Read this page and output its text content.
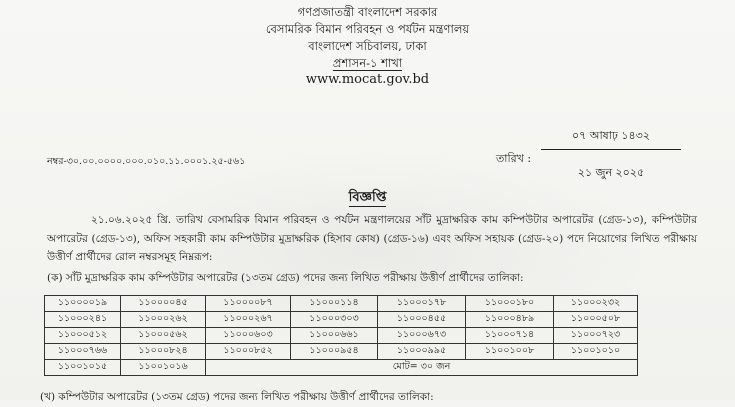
গণপ্রজাতন্ত্রী বাংলাদেশ সরকার
বেসামরিক বিমান পরিবহন ও পর্যটন মন্ত্রণালয়
বাংলাদেশ সচিবালয়, ঢাকা
প্রশাসন-১ শাখা
www.mocat.gov.bd
নম্বর-৩০.০০.০০০০.০০০.০১০.১১.০০০১.২৫-৫৬১	তারিখ :
০৭ আষাঢ় ১৪৩২
২১ জুন ২০২৫
বিজ্ঞপ্তি
২১.০৬.২০২৫ খ্রি. তারিখ বেসামরিক বিমান পরিবহন ও পর্যটন মন্ত্রণালয়ের সাঁট মুদ্রাক্ষরিক কাম কম্পিউটার অপারেটর (গ্রেড-১৩), কম্পিউটার অপারেটর (গ্রেড-১৩), অফিস সহকারী কাম কম্পিউটার মুদ্রাক্ষরিক (হিসাব কোষ) (গ্রেড-১৬) এবং অফিস সহায়ক (গ্রেড-২০) পদে নিয়োগের লিখিত পরীক্ষায় উত্তীর্ণ প্রার্থীদের রোল নম্বরসমূহ নিম্নরূপ:
(ক) সাঁট মুদ্রাক্ষরিক কাম কম্পিউটার অপারেটর (১৩তম গ্রেড) পদের জন্য লিখিত পরীক্ষায় উত্তীর্ণ প্রার্থীদের তালিকা:
১১০০০০১৯	১১০০০০৪৫	১১০০০০৮৭	১১০০০১১৪	১১০০০১৭৮	১১০০০১৮০	১১০০০২৩২
১১০০০২৪১	১১০০০২৬২	১১০০০২৬৭	১১০০০৩০৩	১১০০০৪৫৫	১১০০০৪৮৯	১১০০০৫০৮
১১০০০৫১২	১১০০০৫৬২	১১০০০৬০৩	১১০০০৬৬১	১১০০০৬৭৩	১১০০০৭১৪	১১০০০৭২৩
১১০০০৭৬৬	১১০০০৮২৪	১১০০০৮৫২	১১০০০৯৫৪	১১০০০৯৯৫	১১০০১০০৮	১১০০১০১০
১১০০১০১৫	১১০০১০১৬	মোট= ৩০ জন				
(খ) কম্পিউটার অপারেটর (১৩তম গ্রেড) পদের জন্য লিখিত পরীক্ষায় উত্তীর্ণ প্রার্থীদের তালিকা:
